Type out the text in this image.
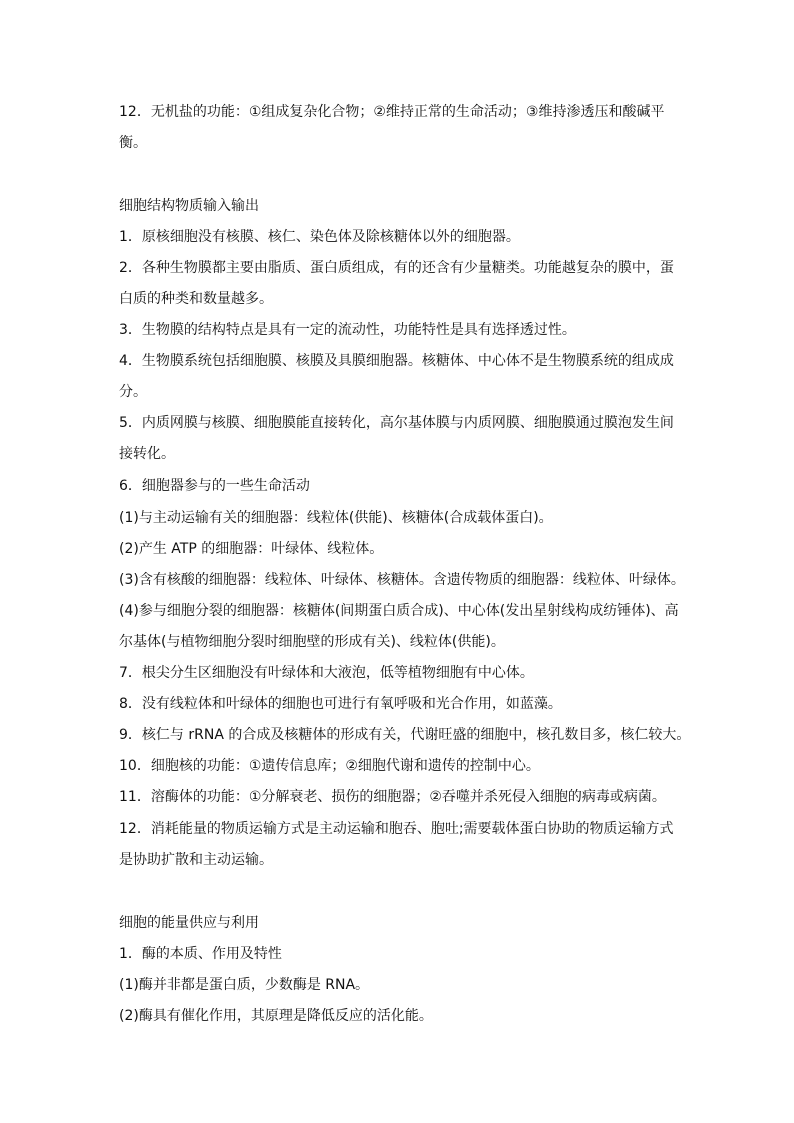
12．无机盐的功能：①组成复杂化合物；②维持正常的生命活动；③维持渗透压和酸碱平
衡。
细胞结构物质输入输出
1．原核细胞没有核膜、核仁、染色体及除核糖体以外的细胞器。
2．各种生物膜都主要由脂质、蛋白质组成，有的还含有少量糖类。功能越复杂的膜中，蛋
白质的种类和数量越多。
3．生物膜的结构特点是具有一定的流动性，功能特性是具有选择透过性。
4．生物膜系统包括细胞膜、核膜及具膜细胞器。核糖体、中心体不是生物膜系统的组成成
分。
5．内质网膜与核膜、细胞膜能直接转化，高尔基体膜与内质网膜、细胞膜通过膜泡发生间
接转化。
6．细胞器参与的一些生命活动
(1)与主动运输有关的细胞器：线粒体(供能)、核糖体(合成载体蛋白)。
(2)产生 ATP 的细胞器：叶绿体、线粒体。
(3)含有核酸的细胞器：线粒体、叶绿体、核糖体。含遗传物质的细胞器：线粒体、叶绿体。
(4)参与细胞分裂的细胞器：核糖体(间期蛋白质合成)、中心体(发出星射线构成纺锤体)、高
尔基体(与植物细胞分裂时细胞壁的形成有关)、线粒体(供能)。
7．根尖分生区细胞没有叶绿体和大液泡，低等植物细胞有中心体。
8．没有线粒体和叶绿体的细胞也可进行有氧呼吸和光合作用，如蓝藻。
9．核仁与 rRNA 的合成及核糖体的形成有关，代谢旺盛的细胞中，核孔数目多，核仁较大。
10．细胞核的功能：①遗传信息库；②细胞代谢和遗传的控制中心。
11．溶酶体的功能：①分解衰老、损伤的细胞器；②吞噬并杀死侵入细胞的病毒或病菌。
12．消耗能量的物质运输方式是主动运输和胞吞、胞吐;需要载体蛋白协助的物质运输方式
是协助扩散和主动运输。
细胞的能量供应与利用
1．酶的本质、作用及特性
(1)酶并非都是蛋白质，少数酶是 RNA。
(2)酶具有催化作用，其原理是降低反应的活化能。
